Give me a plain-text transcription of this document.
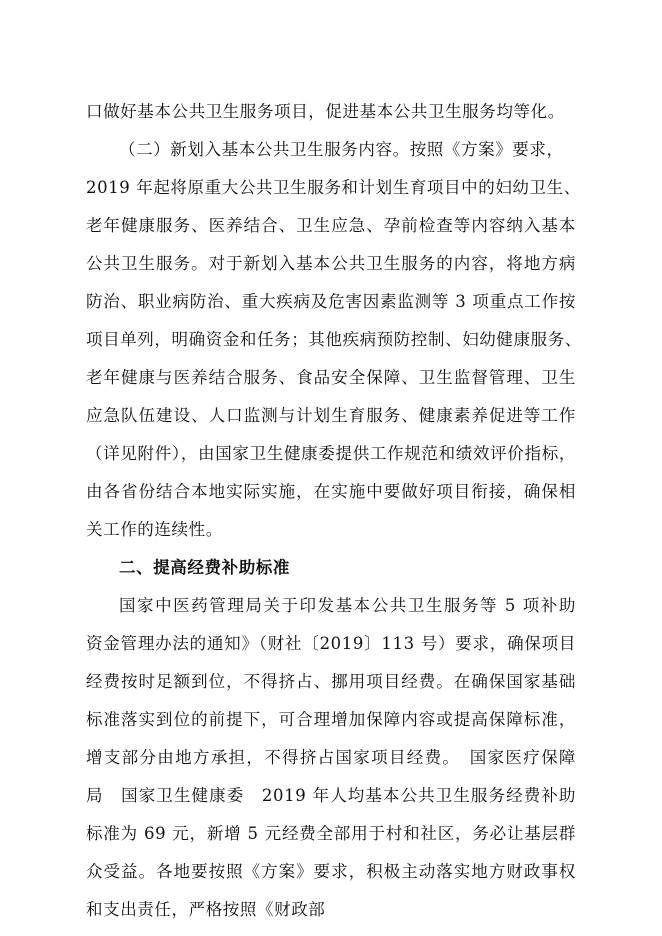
口做好基本公共卫生服务项目，促进基本公共卫生服务均等化。
（二）新划入基本公共卫生服务内容。按照《方案》要求，
2019 年起将原重大公共卫生服务和计划生育项目中的妇幼卫生、
老年健康服务、医养结合、卫生应急、孕前检查等内容纳入基本
公共卫生服务。对于新划入基本公共卫生服务的内容，将地方病
防治、职业病防治、重大疾病及危害因素监测等 3 项重点工作按
项目单列，明确资金和任务；其他疾病预防控制、妇幼健康服务、
老年健康与医养结合服务、食品安全保障、卫生监督管理、卫生
应急队伍建设、人口监测与计划生育服务、健康素养促进等工作
（详见附件），由国家卫生健康委提供工作规范和绩效评价指标，
由各省份结合本地实际实施，在实施中要做好项目衔接，确保相
关工作的连续性。
二、提高经费补助标准
国家中医药管理局关于印发基本公共卫生服务等 5 项补助
资金管理办法的通知》（财社〔2019〕113 号）要求，确保项目
经费按时足额到位，不得挤占、挪用项目经费。在确保国家基础
标准落实到位的前提下，可合理增加保障内容或提高保障标准，
增支部分由地方承担，不得挤占国家项目经费。　国家医疗保障
局　国家卫生健康委　2019 年人均基本公共卫生服务经费补助
标准为 69 元，新增 5 元经费全部用于村和社区，务必让基层群
众受益。各地要按照《方案》要求，积极主动落实地方财政事权
和支出责任，严格按照《财政部
